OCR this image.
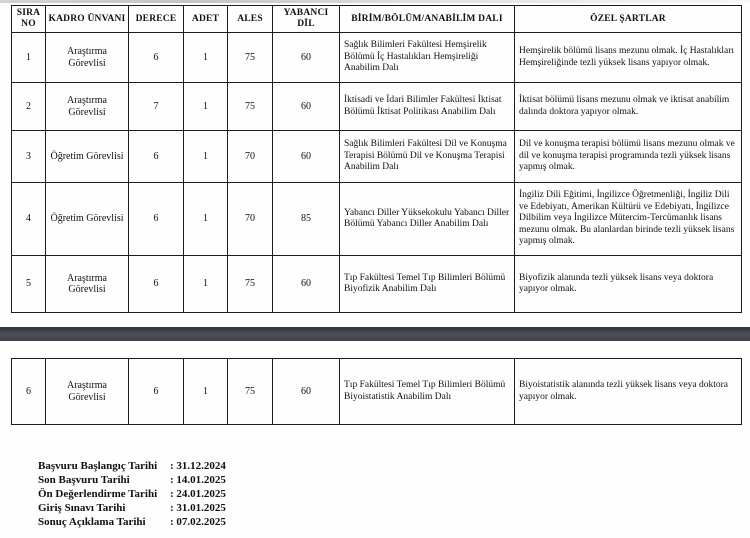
SIRA NO	KADRO ÜNVANI	DERECE	ADET	ALES	YABANCI DİL	BİRİM/BÖLÜM/ANABİLİM DALI	ÖZEL ŞARTLAR
1	Araştırma Görevlisi	6	1	75	60	Sağlık Bilimleri Fakültesi Hemşirelik Bölümü İç Hastalıkları Hemşireliği Anabilim Dalı	Hemşirelik bölümü lisans mezunu olmak. İç Hastalıkları Hemşireliğinde tezli yüksek lisans yapıyor olmak.
2	Araştırma Görevlisi	7	1	75	60	İktisadi ve İdari Bilimler Fakültesi İktisat Bölümü İktisat Politikası Anabilim Dalı	İktisat bölümü lisans mezunu olmak ve iktisat anabilim dalında doktora yapıyor olmak.
3	Öğretim Görevlisi	6	1	70	60	Sağlık Bilimleri Fakültesi Dil ve Konuşma Terapisi Bölümü Dil ve Konuşma Terapisi Anabilim Dalı	Dil ve konuşma terapisi bölümü lisans mezunu olmak ve dil ve konuşma terapisi programında tezli yüksek lisans yapmış olmak.
4	Öğretim Görevlisi	6	1	70	85	Yabancı Diller Yüksekokulu Yabancı Diller Bölümü Yabancı Diller Anabilim Dalı	İngiliz Dili Eğitimi, İngilizce Öğretmenliği, İngiliz Dili ve Edebiyatı, Amerikan Kültürü ve Edebiyatı, İngilizce Dilbilim veya İngilizce Mütercim-Tercümanlık lisans mezunu olmak. Bu alanlardan birinde tezli yüksek lisans yapmış olmak.
5	Araştırma Görevlisi	6	1	75	60	Tıp Fakültesi Temel Tıp Bilimleri Bölümü Biyofizik Anabilim Dalı	Biyofizik alanında tezli yüksek lisans veya doktora yapıyor olmak.
6	Araştırma Görevlisi	6	1	75	60	Tıp Fakültesi Temel Tıp Bilimleri Bölümü Biyoistatistik Anabilim Dalı	Biyoistatistik alanında tezli yüksek lisans veya doktora yapıyor olmak.
Başvuru Başlangıç Tarihi	: 31.12.2024
Son Başvuru Tarihi	: 14.01.2025
Ön Değerlendirme Tarihi	: 24.01.2025
Giriş Sınavı Tarihi	: 31.01.2025
Sonuç Açıklama Tarihi	: 07.02.2025
